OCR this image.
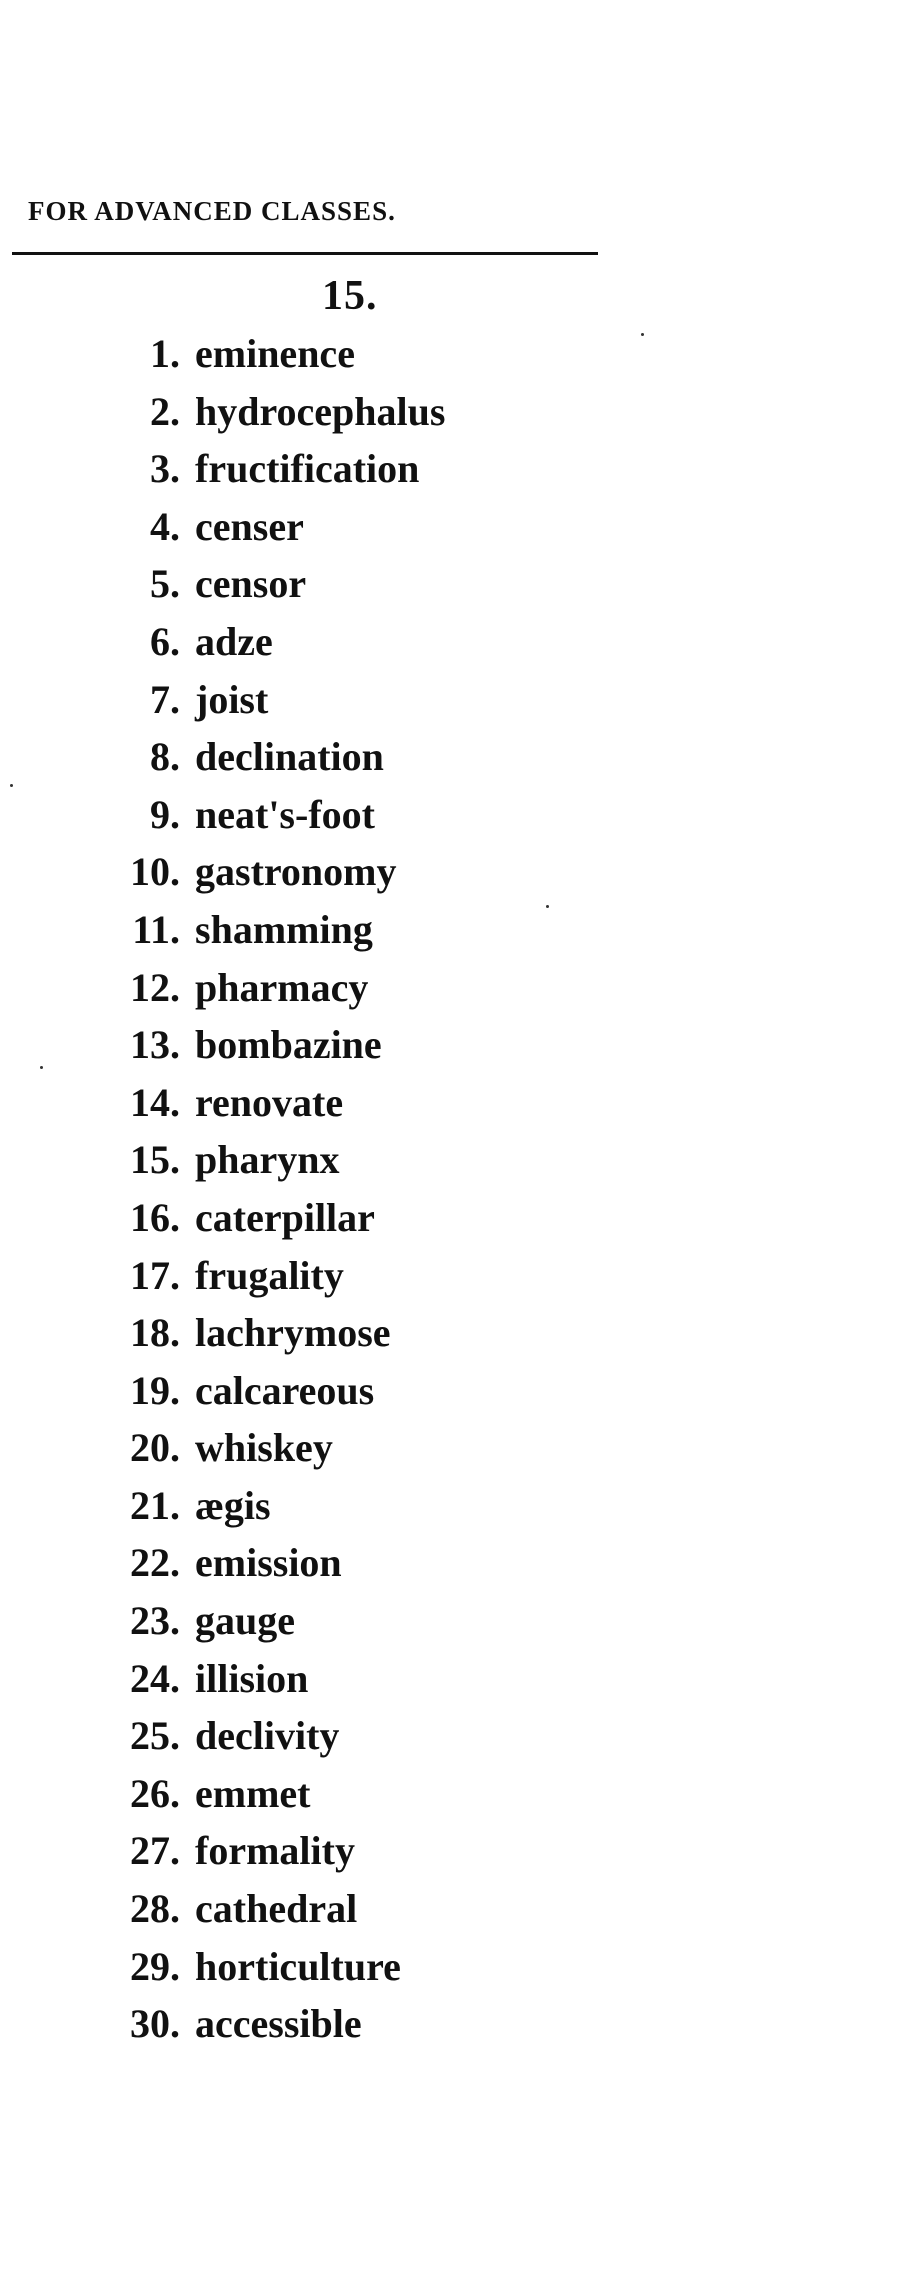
FOR ADVANCED CLASSES.
15.
1. eminence
2. hydrocephalus
3. fructification
4. censer
5. censor
6. adze
7. joist
8. declination
9. neat's-foot
10. gastronomy
11. shamming
12. pharmacy
13. bombazine
14. renovate
15. pharynx
16. caterpillar
17. frugality
18. lachrymose
19. calcareous
20. whiskey
21. ægis
22. emission
23. gauge
24. illision
25. declivity
26. emmet
27. formality
28. cathedral
29. horticulture
30. accessible
